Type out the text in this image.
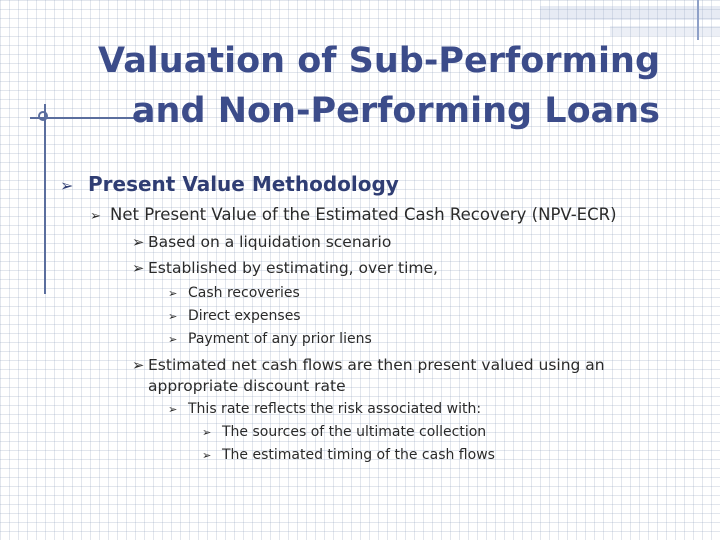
Valuation of Sub-Performing
and Non-Performing Loans
➢ Present Value Methodology
➢ Net Present Value of the Estimated Cash Recovery (NPV-ECR)
➢ Based on a liquidation scenario
➢ Established by estimating, over time,
➢ Cash recoveries
➢ Direct expenses
➢ Payment of any prior liens
➢ Estimated net cash flows are then present valued using an appropriate discount rate
➢ This rate reflects the risk associated with:
➢ The sources of the ultimate collection
➢ The estimated timing of the cash flows
